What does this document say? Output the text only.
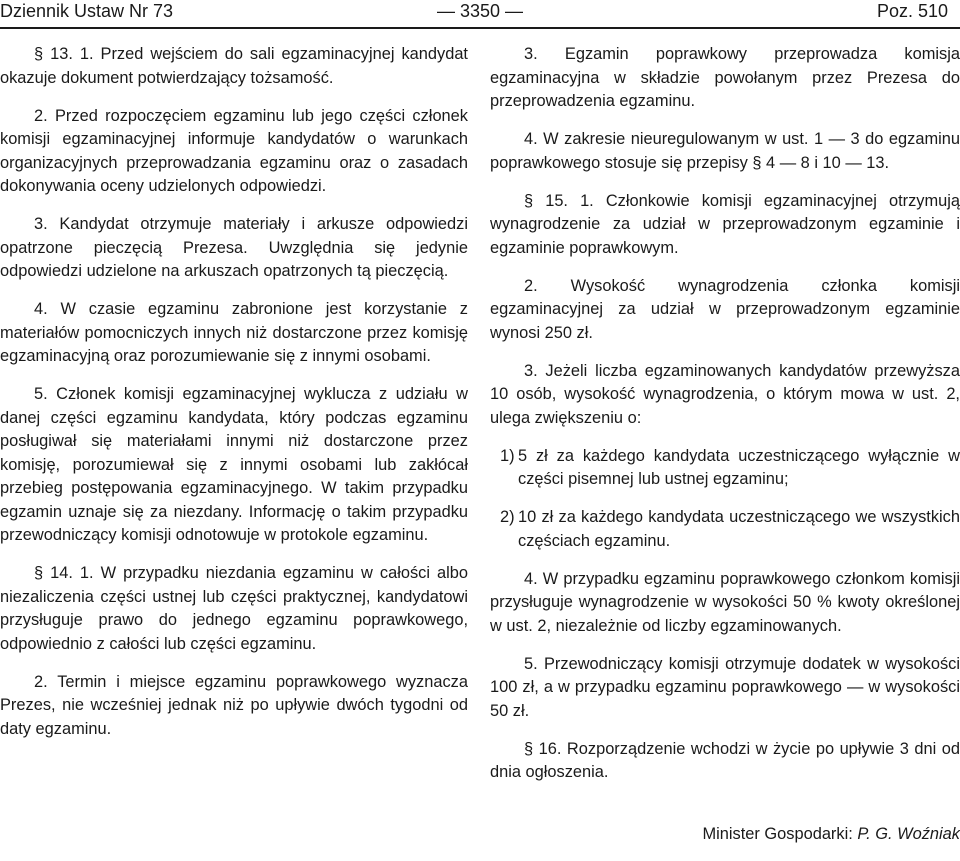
Dziennik Ustaw Nr 73	— 3350 —	Poz. 510

§ 13. 1. Przed wejściem do sali egzaminacyjnej kandydat okazuje dokument potwierdzający tożsamość.

2. Przed rozpoczęciem egzaminu lub jego części członek komisji egzaminacyjnej informuje kandydatów o warunkach organizacyjnych przeprowadzania egzaminu oraz o zasadach dokonywania oceny udzielonych odpowiedzi.

3. Kandydat otrzymuje materiały i arkusze odpowiedzi opatrzone pieczęcią Prezesa. Uwzględnia się jedynie odpowiedzi udzielone na arkuszach opatrzonych tą pieczęcią.

4. W czasie egzaminu zabronione jest korzystanie z materiałów pomocniczych innych niż dostarczone przez komisję egzaminacyjną oraz porozumiewanie się z innymi osobami.

5. Członek komisji egzaminacyjnej wyklucza z udziału w danej części egzaminu kandydata, który podczas egzaminu posługiwał się materiałami innymi niż dostarczone przez komisję, porozumiewał się z innymi osobami lub zakłócał przebieg postępowania egzaminacyjnego. W takim przypadku egzamin uznaje się za niezdany. Informację o takim przypadku przewodniczący komisji odnotowuje w protokole egzaminu.

§ 14. 1. W przypadku niezdania egzaminu w całości albo niezaliczenia części ustnej lub części praktycznej, kandydatowi przysługuje prawo do jednego egzaminu poprawkowego, odpowiednio z całości lub części egzaminu.

2. Termin i miejsce egzaminu poprawkowego wyznacza Prezes, nie wcześniej jednak niż po upływie dwóch tygodni od daty egzaminu.

3. Egzamin poprawkowy przeprowadza komisja egzaminacyjna w składzie powołanym przez Prezesa do przeprowadzenia egzaminu.

4. W zakresie nieuregulowanym w ust. 1 — 3 do egzaminu poprawkowego stosuje się przepisy § 4 — 8 i 10 — 13.

§ 15. 1. Członkowie komisji egzaminacyjnej otrzymują wynagrodzenie za udział w przeprowadzonym egzaminie i egzaminie poprawkowym.

2. Wysokość wynagrodzenia członka komisji egzaminacyjnej za udział w przeprowadzonym egzaminie wynosi 250 zł.

3. Jeżeli liczba egzaminowanych kandydatów przewyższa 10 osób, wysokość wynagrodzenia, o którym mowa w ust. 2, ulega zwiększeniu o:

1) 5 zł za każdego kandydata uczestniczącego wyłącznie w części pisemnej lub ustnej egzaminu;

2) 10 zł za każdego kandydata uczestniczącego we wszystkich częściach egzaminu.

4. W przypadku egzaminu poprawkowego członkom komisji przysługuje wynagrodzenie w wysokości 50 % kwoty określonej w ust. 2, niezależnie od liczby egzaminowanych.

5. Przewodniczący komisji otrzymuje dodatek w wysokości 100 zł, a w przypadku egzaminu poprawkowego — w wysokości 50 zł.

§ 16. Rozporządzenie wchodzi w życie po upływie 3 dni od dnia ogłoszenia.

Minister Gospodarki: P. G. Woźniak
